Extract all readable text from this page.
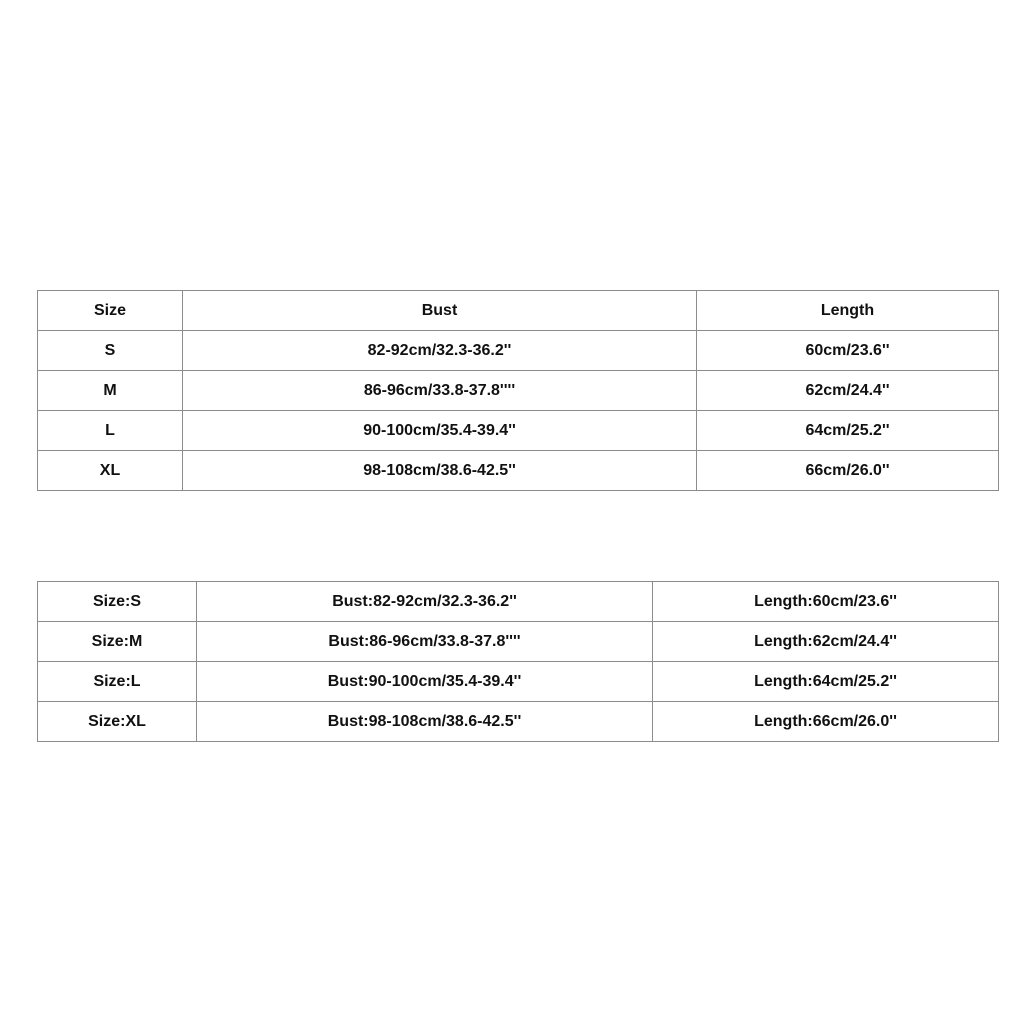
Size	Bust	Length
S	82-92cm/32.3-36.2''	60cm/23.6''
M	86-96cm/33.8-37.8''''	62cm/24.4''
L	90-100cm/35.4-39.4''	64cm/25.2''
XL	98-108cm/38.6-42.5''	66cm/26.0''
Size:S	Bust:82-92cm/32.3-36.2''	Length:60cm/23.6''
Size:M	Bust:86-96cm/33.8-37.8''''	Length:62cm/24.4''
Size:L	Bust:90-100cm/35.4-39.4''	Length:64cm/25.2''
Size:XL	Bust:98-108cm/38.6-42.5''	Length:66cm/26.0''
